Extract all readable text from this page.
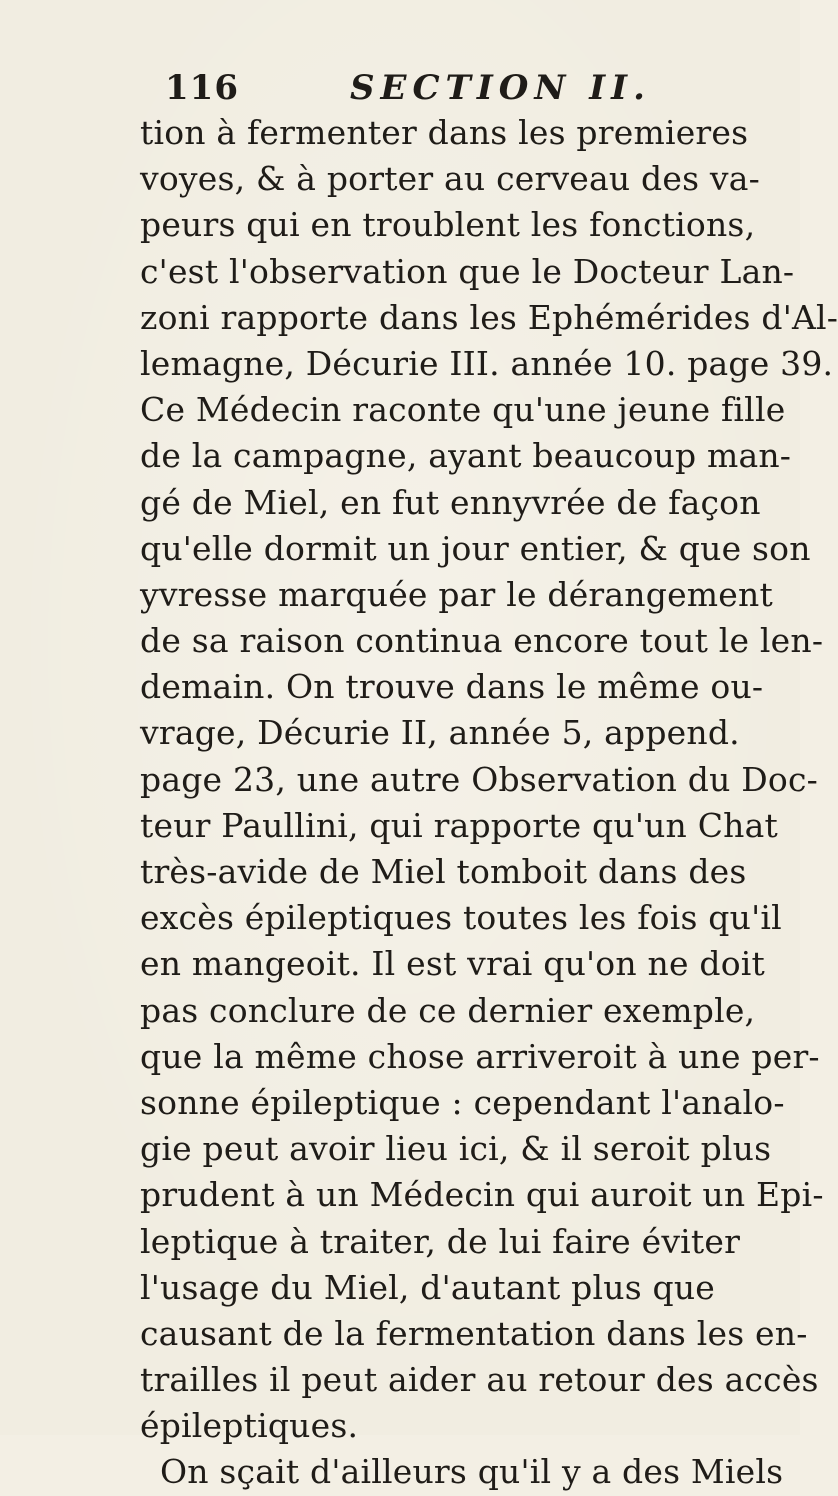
116	SECTION II.
tion à fermenter dans les premieres
voyes, & à porter au cerveau des va-
peurs qui en troublent les fonctions,
c'est l'observation que le Docteur Lan-
zoni rapporte dans les Ephémérides d'Al-
lemagne, Décurie III. année 10. page 39.
Ce Médecin raconte qu'une jeune fille
de la campagne, ayant beaucoup man-
gé de Miel, en fut ennyvrée de façon
qu'elle dormit un jour entier, & que son
yvresse marquée par le dérangement
de sa raison continua encore tout le len-
demain. On trouve dans le même ou-
vrage, Décurie II, année 5, append.
page 23, une autre Observation du Doc-
teur Paullini, qui rapporte qu'un Chat
très-avide de Miel tomboit dans des
excès épileptiques toutes les fois qu'il
en mangeoit. Il est vrai qu'on ne doit
pas conclure de ce dernier exemple,
que la même chose arriveroit à une per-
sonne épileptique : cependant l'analo-
gie peut avoir lieu ici, & il seroit plus
prudent à un Médecin qui auroit un Epi-
leptique à traiter, de lui faire éviter
l'usage du Miel, d'autant plus que
causant de la fermentation dans les en-
trailles il peut aider au retour des accès
épileptiques.
On sçait d'ailleurs qu'il y a des Miels
